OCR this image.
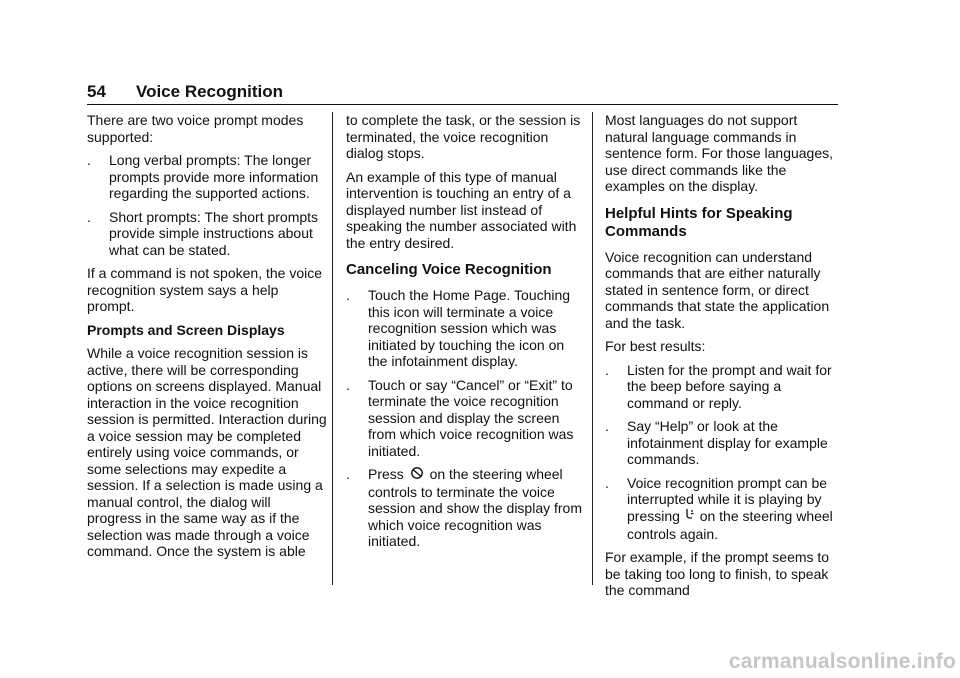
54 Voice Recognition

There are two voice prompt modes supported:

.	Long verbal prompts: The longer prompts provide more information regarding the supported actions.
.	Short prompts: The short prompts provide simple instructions about what can be stated.

If a command is not spoken, the voice recognition system says a help prompt.

Prompts and Screen Displays

While a voice recognition session is active, there will be corresponding options on screens displayed. Manual interaction in the voice recognition session is permitted. Interaction during a voice session may be completed entirely using voice commands, or some selections may expedite a session. If a selection is made using a manual control, the dialog will progress in the same way as if the selection was made through a voice command. Once the system is able

to complete the task, or the session is terminated, the voice recognition dialog stops.

An example of this type of manual intervention is touching an entry of a displayed number list instead of speaking the number associated with the entry desired.

Canceling Voice Recognition
.	Touch the Home Page. Touching this icon will terminate a voice recognition session which was initiated by touching the icon on the infotainment display.
.	Touch or say “Cancel” or “Exit” to terminate the voice recognition session and display the screen from which voice recognition was initiated.
.	Press on the steering wheel controls to terminate the voice session and show the display from which voice recognition was initiated.

Most languages do not support natural language commands in sentence form. For those languages, use direct commands like the examples on the display.

Helpful Hints for Speaking Commands

Voice recognition can understand commands that are either naturally stated in sentence form, or direct commands that state the application and the task.

For best results:

.	Listen for the prompt and wait for the beep before saying a command or reply.
.	Say “Help” or look at the infotainment display for example commands.
.	Voice recognition prompt can be interrupted while it is playing by pressing on the steering wheel controls again.

For example, if the prompt seems to be taking too long to finish, to speak the command

carmanualsonline.info
